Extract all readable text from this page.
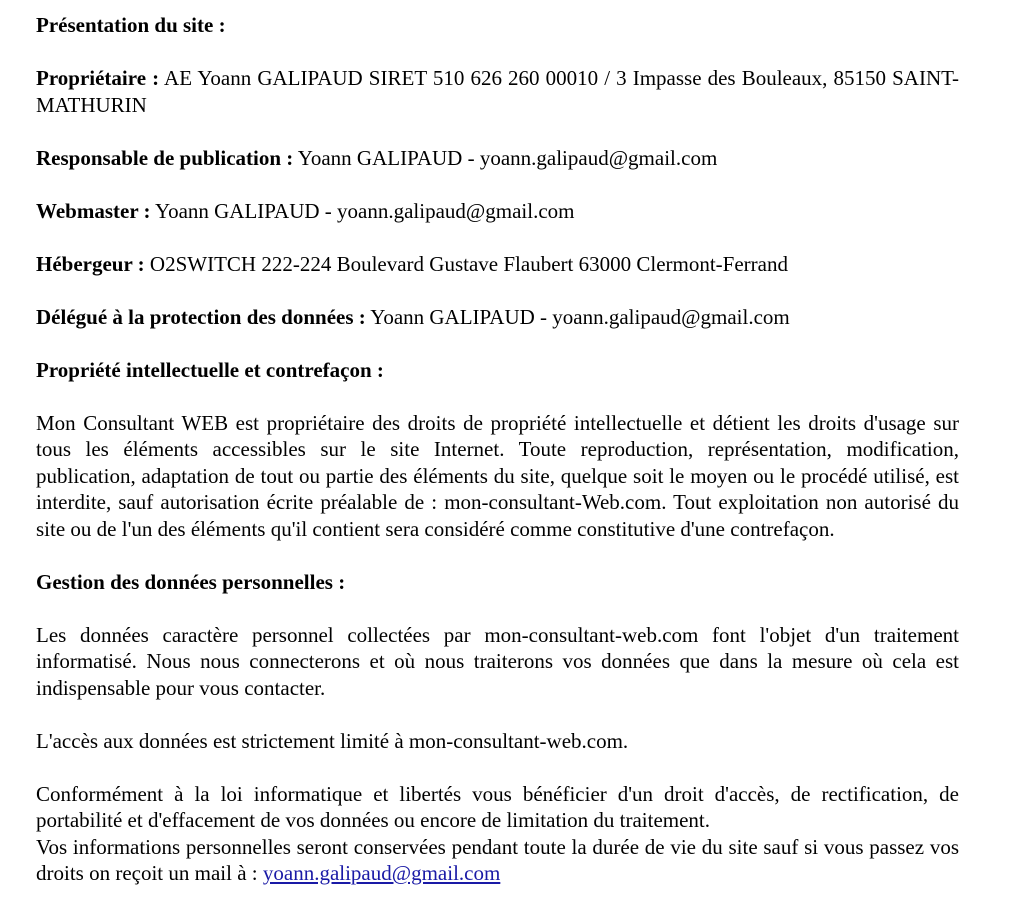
Présentation du site :

Propriétaire : AE Yoann GALIPAUD SIRET 510 626 260 00010 / 3 Impasse des Bouleaux, 85150 SAINT-MATHURIN

Responsable de publication : Yoann GALIPAUD - yoann.galipaud@gmail.com

Webmaster : Yoann GALIPAUD - yoann.galipaud@gmail.com

Hébergeur : O2SWITCH 222-224 Boulevard Gustave Flaubert 63000 Clermont-Ferrand

Délégué à la protection des données : Yoann GALIPAUD - yoann.galipaud@gmail.com

Propriété intellectuelle et contrefaçon :

Mon Consultant WEB est propriétaire des droits de propriété intellectuelle et détient les droits d'usage sur tous les éléments accessibles sur le site Internet. Toute reproduction, représentation, modification, publication, adaptation de tout ou partie des éléments du site, quelque soit le moyen ou le procédé utilisé, est interdite, sauf autorisation écrite préalable de : mon-consultant-Web.com. Tout exploitation non autorisé du site ou de l'un des éléments qu'il contient sera considéré comme constitutive d'une contrefaçon.

Gestion des données personnelles :

Les données caractère personnel collectées par mon-consultant-web.com font l'objet d'un traitement informatisé. Nous nous connecterons et où nous traiterons vos données que dans la mesure où cela est indispensable pour vous contacter.

L'accès aux données est strictement limité à mon-consultant-web.com.

Conformément à la loi informatique et libertés vous bénéficier d'un droit d'accès, de rectification, de portabilité et d'effacement de vos données ou encore de limitation du traitement.

Vos informations personnelles seront conservées pendant toute la durée de vie du site sauf si vous passez vos droits on reçoit un mail à : yoann.galipaud@gmail.com
